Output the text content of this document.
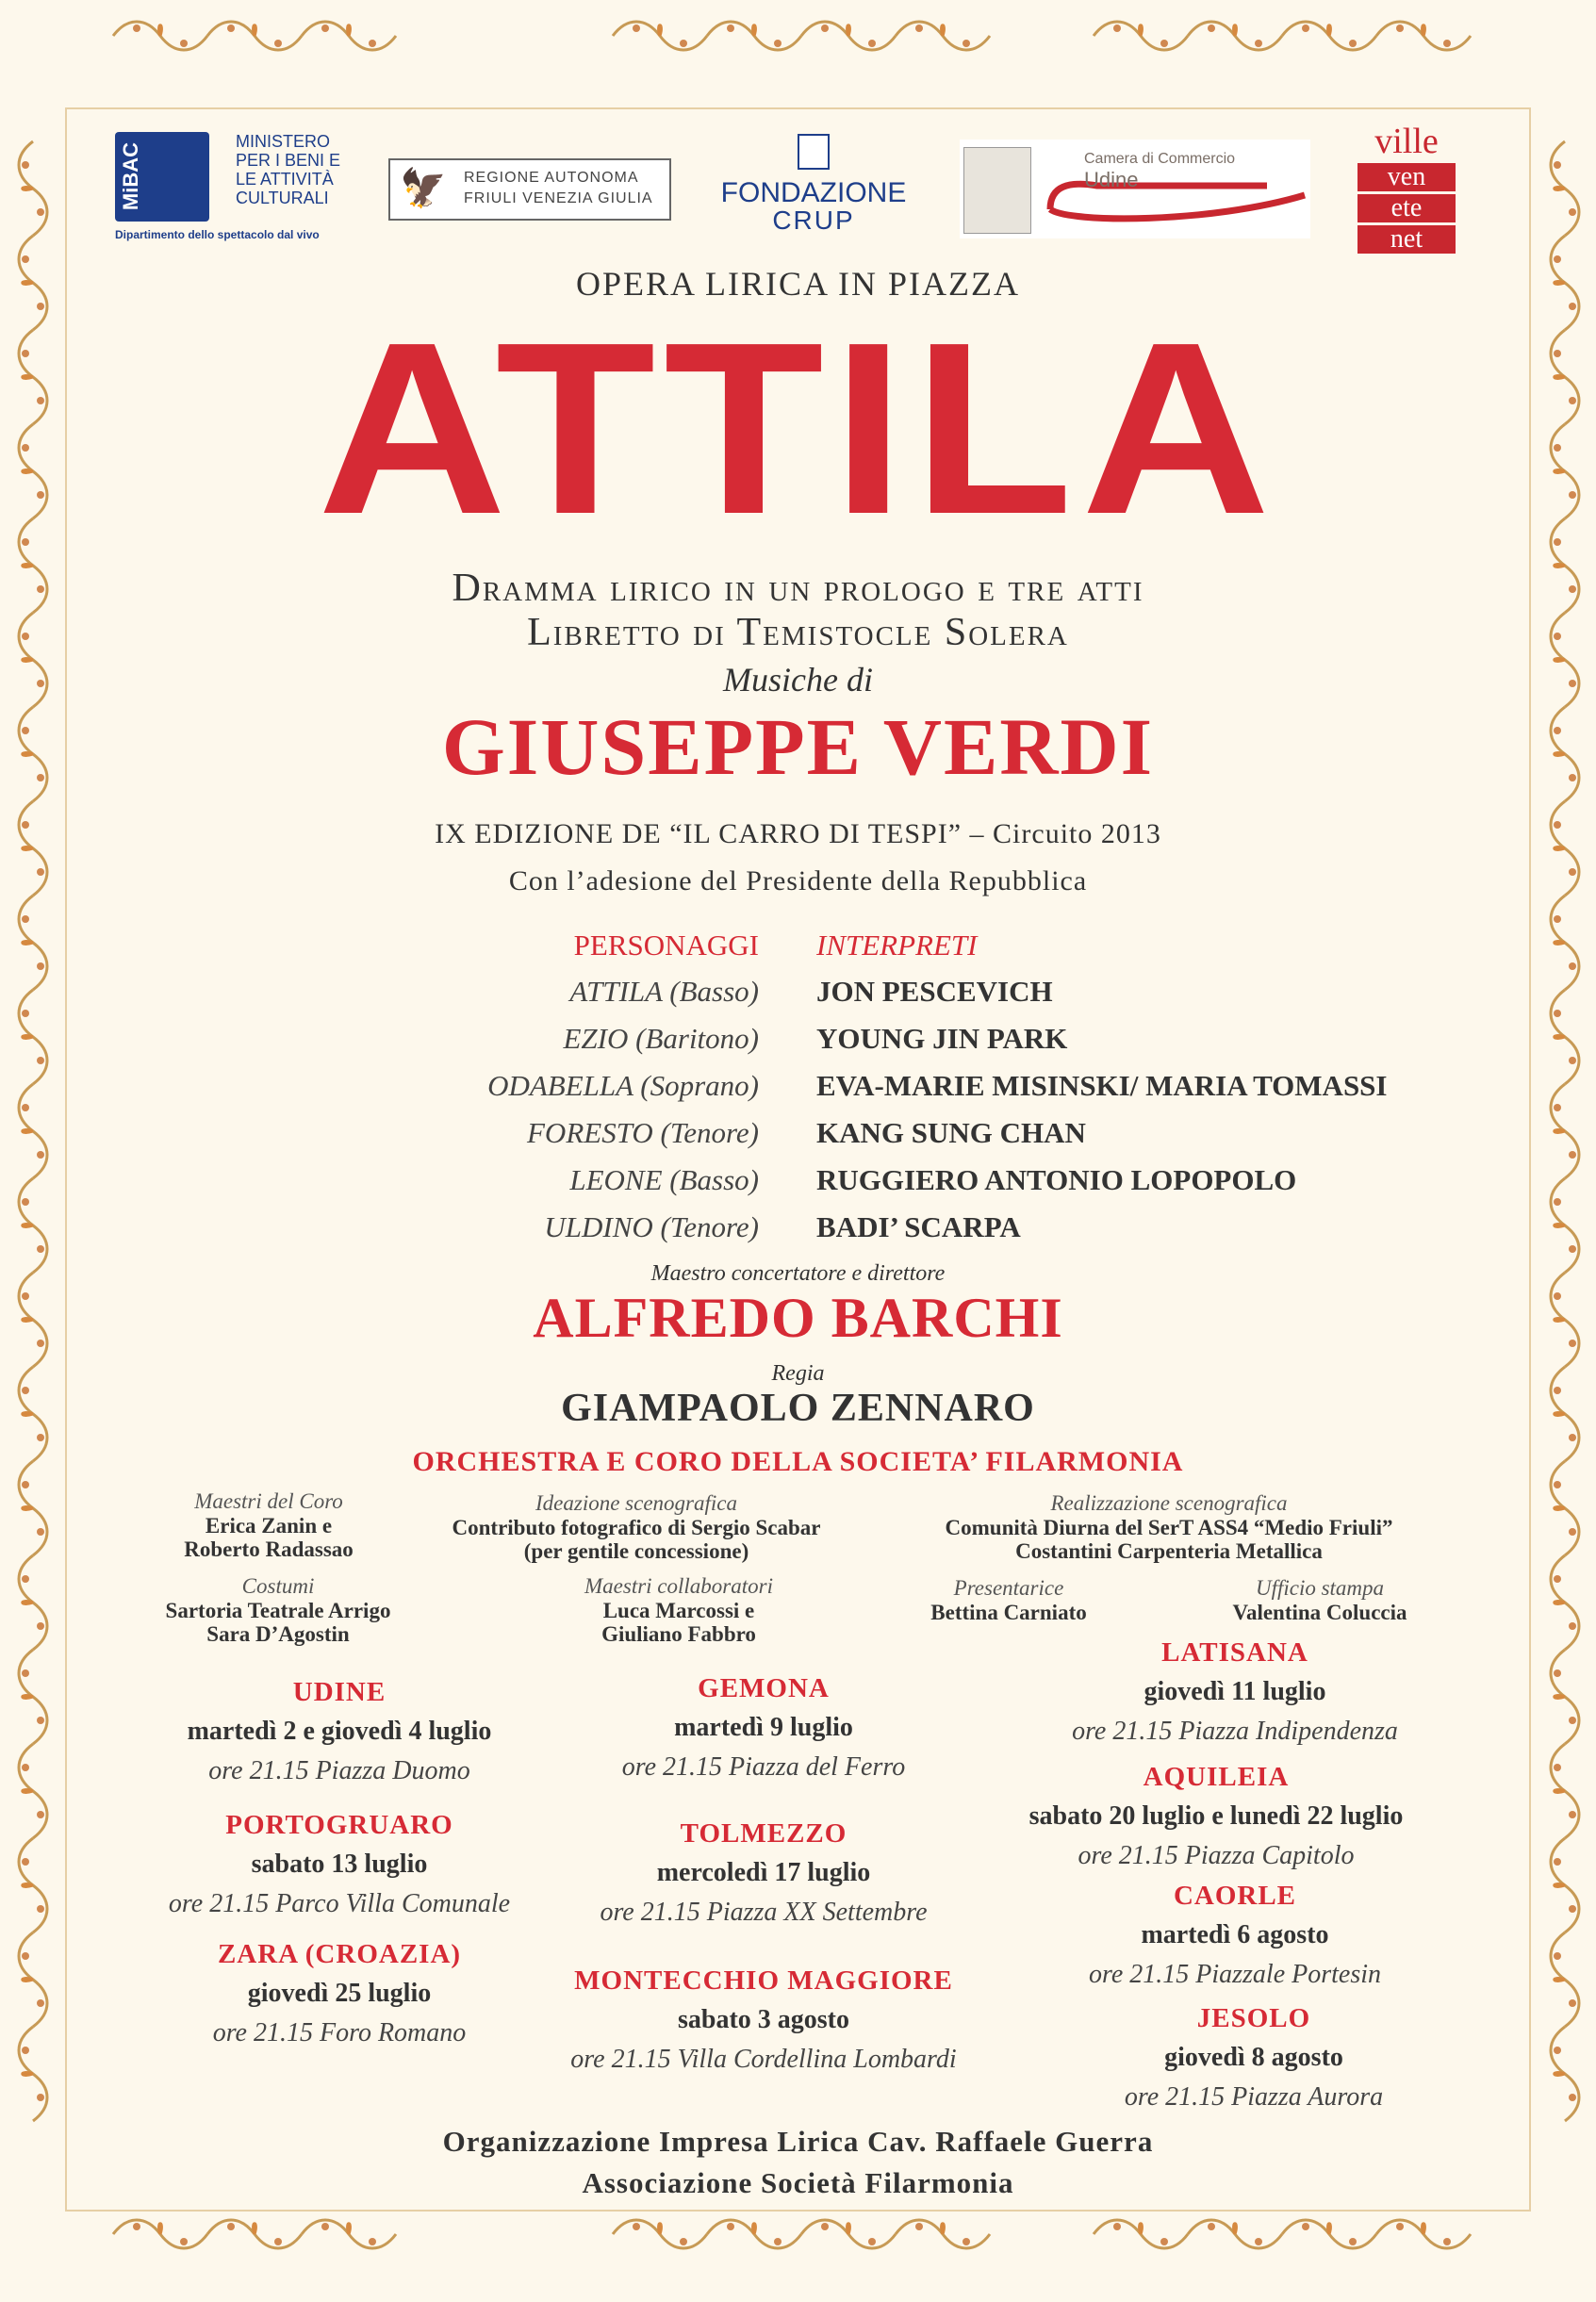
MiBAC
MINISTERO
PER I BENI E
LE ATTIVITÀ
CULTURALI
Dipartimento dello spettacolo dal vivo
🦅 REGIONE AUTONOMA
FRIULI VENEZIA GIULIA	FONDAZIONE
CRUP
Camera di Commercio
Udine
ville
ven
ete
net
OPERA LIRICA IN PIAZZA
ATTILA
Dramma lirico in un prologo e tre atti
Libretto di Temistocle Solera
Musiche di
GIUSEPPE VERDI
IX EDIZIONE DE “IL CARRO DI TESPI” – Circuito 2013
Con l’adesione del Presidente della Repubblica
PERSONAGGI INTERPRETI
ATTILA (Basso) JON PESCEVICH
EZIO (Baritono) YOUNG JIN PARK
ODABELLA (Soprano) EVA-MARIE MISINSKI/ MARIA TOMASSI
FORESTO (Tenore) KANG SUNG CHAN
LEONE (Basso) RUGGIERO ANTONIO LOPOPOLO
ULDINO (Tenore) BADI’ SCARPA
Maestro concertatore e direttore
ALFREDO BARCHI
Regia
GIAMPAOLO ZENNARO
ORCHESTRA E CORO DELLA SOCIETA’ FILARMONIA
Maestri del Coro
Erica Zanin e
Roberto Radassao
Ideazione scenografica
Contributo fotografico di Sergio Scabar
(per gentile concessione)
Realizzazione scenografica
Comunità Diurna del SerT ASS4 “Medio Friuli”
Costantini Carpenteria Metallica
Costumi
Sartoria Teatrale Arrigo
Sara D’Agostin
Maestri collaboratori
Luca Marcossi e
Giuliano Fabbro
Presentarice
Bettina Carniato
Ufficio stampa
Valentina Coluccia
UDINE
martedì 2 e giovedì 4 luglio
ore 21.15 Piazza Duomo
PORTOGRUARO
sabato 13 luglio
ore 21.15 Parco Villa Comunale
ZARA (CROAZIA)
giovedì 25 luglio
ore 21.15 Foro Romano
GEMONA
martedì 9 luglio
ore 21.15 Piazza del Ferro
TOLMEZZO
mercoledì 17 luglio
ore 21.15 Piazza XX Settembre
MONTECCHIO MAGGIORE
sabato 3 agosto
ore 21.15 Villa Cordellina Lombardi
LATISANA
giovedì 11 luglio
ore 21.15 Piazza Indipendenza
AQUILEIA
sabato 20 luglio e lunedì 22 luglio
ore 21.15 Piazza Capitolo
CAORLE
martedì 6 agosto
ore 21.15 Piazzale Portesin
JESOLO
giovedì 8 agosto
ore 21.15 Piazza Aurora
Organizzazione Impresa Lirica Cav. Raffaele Guerra
Associazione Società Filarmonia
